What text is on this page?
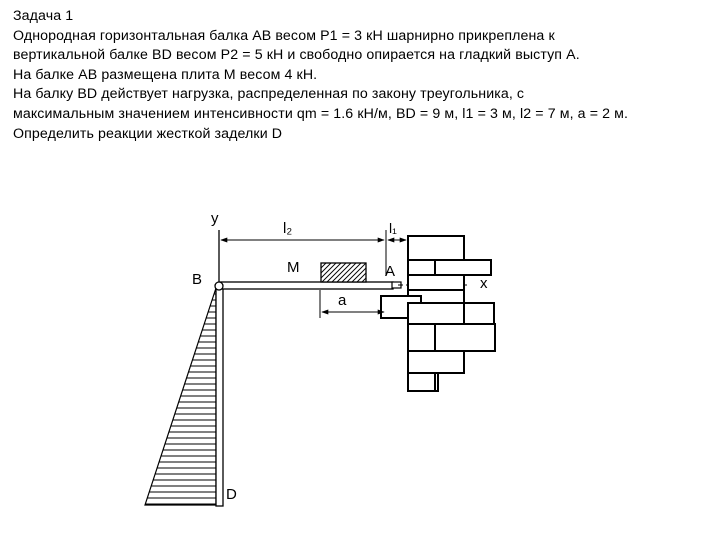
Задача 1
Однородная горизонтальная балка АВ весом Р1 = 3 кН шарнирно прикреплена к
вертикальной балке BD весом Р2 = 5 кН и свободно опирается на гладкий выступ А.
На балке АВ размещена плита М весом 4 кН.
На балку BD действует нагрузка, распределенная по закону треугольника, с
максимальным значением интенсивности qm = 1.6 кН/м, BD = 9 м, l1 = 3 м, l2 = 7 м, а = 2 м.
Определить реакции жесткой заделки D
y
l₂	l₁
M	A
B	x
a
D
